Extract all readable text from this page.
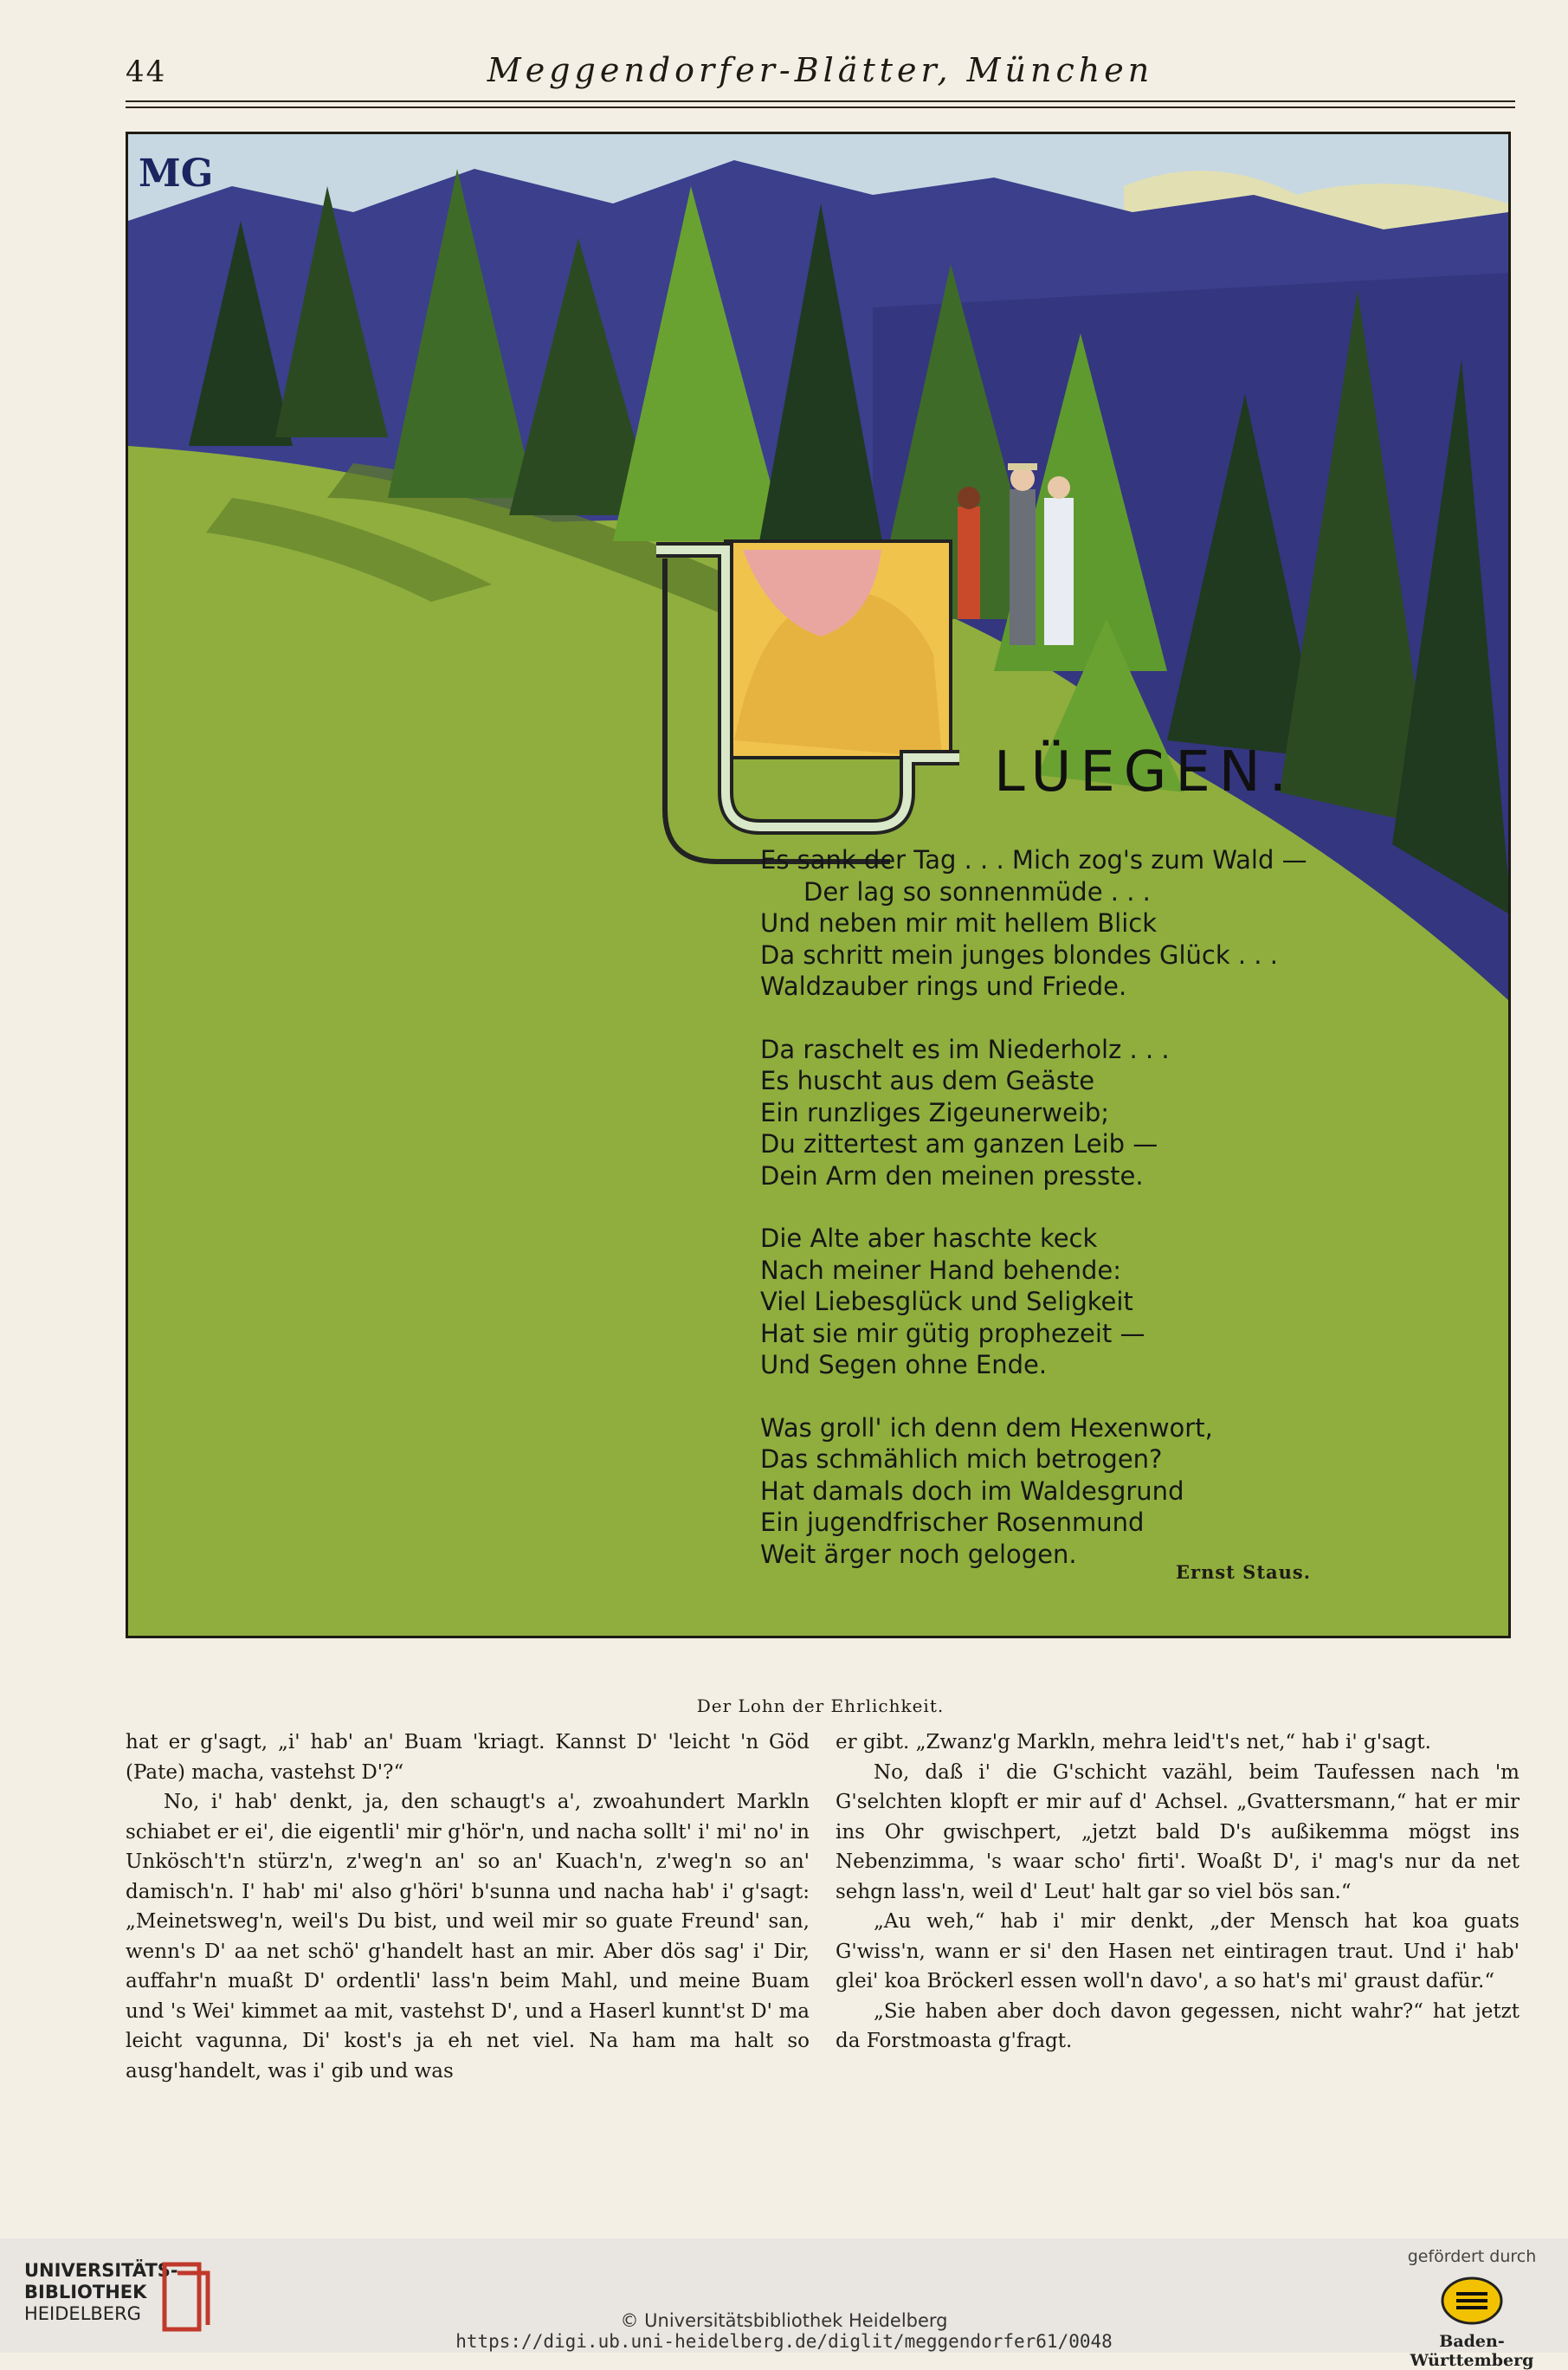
44	Meggendorfer-Blätter, München
MG
LÜEGEN.
Es sank der Tag . . . Mich zog's zum Wald —
Der lag so sonnenmüde . . .
Und neben mir mit hellem Blick
Da schritt mein junges blondes Glück . . .
Waldzauber rings und Friede.
Da raschelt es im Niederholz . . .
Es huscht aus dem Geäste
Ein runzliges Zigeunerweib;
Du zittertest am ganzen Leib —
Dein Arm den meinen presste.
Die Alte aber haschte keck
Nach meiner Hand behende:
Viel Liebesglück und Seligkeit
Hat sie mir gütig prophezeit —
Und Segen ohne Ende.
Was groll' ich denn dem Hexenwort,
Das schmählich mich betrogen?
Hat damals doch im Waldesgrund
Ein jugendfrischer Rosenmund
Weit ärger noch gelogen.
Ernst Staus.
Der Lohn der Ehrlichkeit.

hat er g'sagt, „i' hab' an' Buam 'kriagt. Kannst D' 'leicht 'n Göd (Pate) macha, vastehst D'?“

No, i' hab' denkt, ja, den schaugt's a', zwoahundert Markln schiabet er ei', die eigentli' mir g'hör'n, und nacha sollt' i' mi' no' in Unkösch't'n stürz'n, z'weg'n an' so an' Kuach'n, z'weg'n so an' damisch'n. I' hab' mi' also g'höri' b'sunna und nacha hab' i' g'sagt: „Meinetsweg'n, weil's Du bist, und weil mir so guate Freund' san, wenn's D' aa net schö' g'handelt hast an mir. Aber dös sag' i' Dir, auffahr'n muaßt D' ordentli' lass'n beim Mahl, und meine Buam und 's Wei' kimmet aa mit, vastehst D', und a Haserl kunnt'st D' ma leicht vagunna, Di' kost's ja eh net viel. Na ham ma halt so ausg'handelt, was i' gib und was

er gibt. „Zwanz'g Markln, mehra leid't's net,“ hab i' g'sagt.

No, daß i' die G'schicht vazähl, beim Taufessen nach 'm G'selchten klopft er mir auf d' Achsel. „Gvattersmann,“ hat er mir ins Ohr gwischpert, „jetzt bald D's außikemma mögst ins Nebenzimma, 's waar scho' firti'. Woaßt D', i' mag's nur da net sehgn lass'n, weil d' Leut' halt gar so viel bös san.“

„Au weh,“ hab i' mir denkt, „der Mensch hat koa guats G'wiss'n, wann er si' den Hasen net eintiragen traut. Und i' hab' glei' koa Bröckerl essen woll'n davo', a so hat's mi' graust dafür.“

„Sie haben aber doch davon gegessen, nicht wahr?“ hat jetzt da Forstmoasta g'fragt.

UNIVERSITÄTS-
BIBLIOTHEK
HEIDELBERG	© Universitätsbibliothek Heidelberg
https://digi.ub.uni-heidelberg.de/diglit/meggendorfer61/0048
gefördert durch
Baden-Württemberg
